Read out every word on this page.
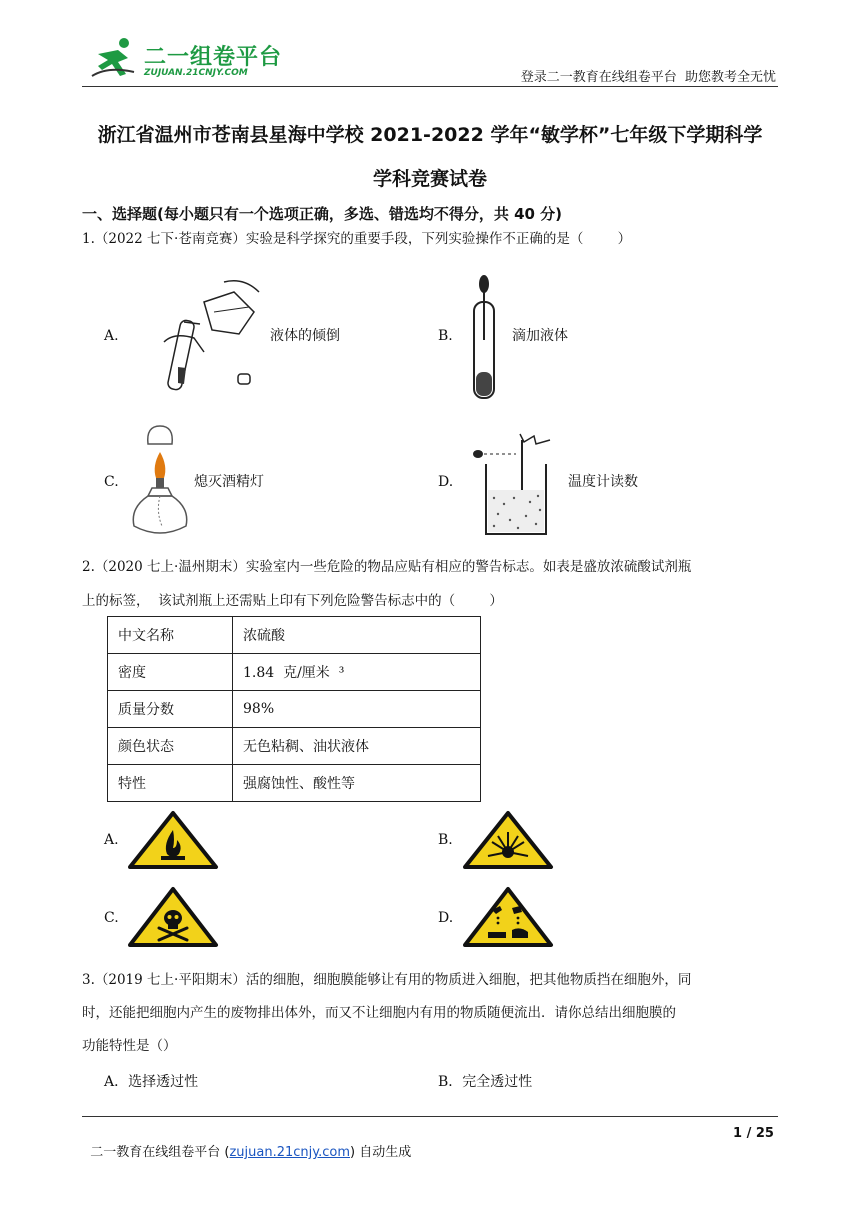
二一组卷平台
ZUJUAN.21CNJY.COM	登录二一教育在线组卷平台  助您教考全无忧
浙江省温州市苍南县星海中学校 2021-2022 学年“敏学杯”七年级下学期科学
学科竞赛试卷
一、选择题(每小题只有一个选项正确，多选、错选均不得分，共 40 分)
1.（2022 七下·苍南竞赛）实验是科学探究的重要手段，下列实验操作不正确的是（        ）
A.	液体的倾倒	B.	滴加液体
C.	熄灭酒精灯	D.	温度计读数
2.（2020 七上·温州期末）实验室内一些危险的物品应贴有相应的警告标志。如表是盛放浓硫酸试剂瓶
上的标签，  该试剂瓶上还需贴上印有下列危险警告标志中的（        ）
中文名称	浓硫酸
密度	1.84  克/厘米  ³
质量分数	98%
颜色状态	无色粘稠、油状液体
特性	强腐蚀性、酸性等
A.	B.
C.	D.
3.（2019 七上·平阳期末）活的细胞，细胞膜能够让有用的物质进入细胞，把其他物质挡在细胞外，同
时，还能把细胞内产生的废物排出体外，而又不让细胞内有用的物质随便流出．请你总结出细胞膜的
功能特性是（）
A．选择透过性	B．完全透过性

二一教育在线组卷平台 (zujuan.21cnjy.com) 自动生成

1 / 25
